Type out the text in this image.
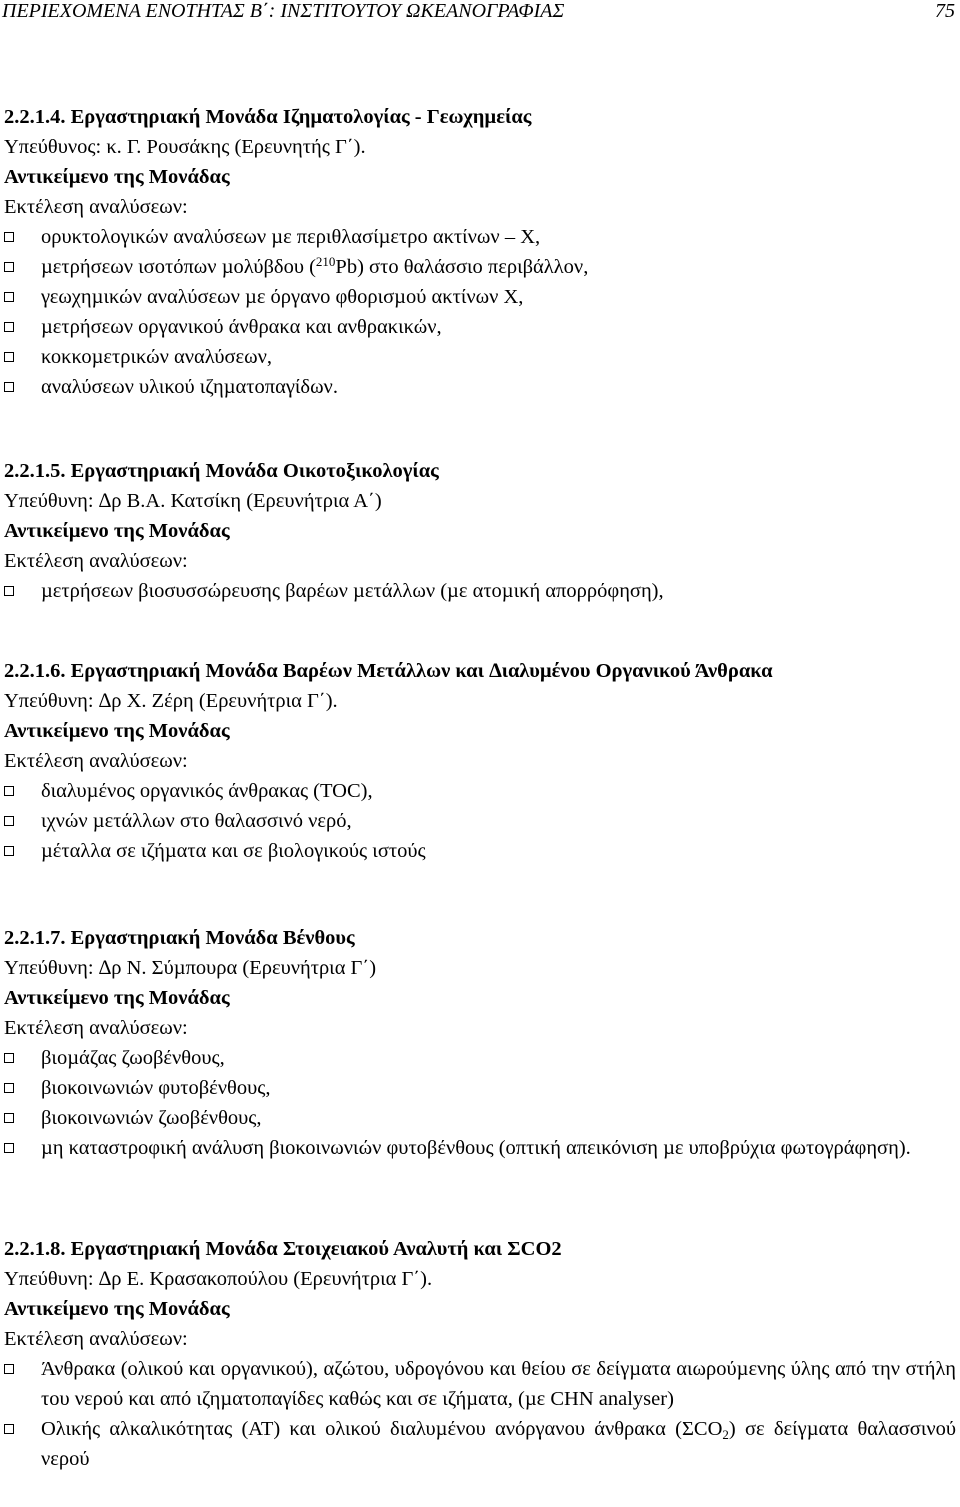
ΠΕΡΙΕΧΟΜΕΝΑ ΕΝΟΤΗΤΑΣ Β΄: ΙΝΣΤΙΤΟΥΤΟΥ ΩΚΕΑΝΟΓΡΑΦΙΑΣ	75
2.2.1.4. Εργαστηριακή Μονάδα Ιζηµατολογίας - Γεωχηµείας
Υπεύθυνος: κ. Γ. Ρουσάκης (Ερευνητής Γ΄).
Αντικείµενο της Μονάδας
Εκτέλεση αναλύσεων:
ορυκτολογικών αναλύσεων µε περιθλασίµετρο ακτίνων – Χ,
µετρήσεων ισοτόπων µολύβδου ($^{210}$Pb) στο θαλάσσιο περιβάλλον,
γεωχηµικών αναλύσεων µε όργανο φθορισµού ακτίνων Χ,
µετρήσεων οργανικού άνθρακα και ανθρακικών,
κοκκοµετρικών αναλύσεων,
αναλύσεων υλικού ιζηµατοπαγίδων.
2.2.1.5. Εργαστηριακή Μονάδα Οικοτοξικολογίας
Υπεύθυνη: ∆ρ Β.Α. Κατσίκη (Ερευνήτρια Α΄)
Αντικείµενο της Μονάδας
Εκτέλεση αναλύσεων:
µετρήσεων βιοσυσσώρευσης βαρέων µετάλλων (µε ατοµική απορρόφηση),
2.2.1.6. Εργαστηριακή Μονάδα Βαρέων Μετάλλων και ∆ιαλυµένου Οργανικού Άνθρακα
Υπεύθυνη: ∆ρ Χ. Ζέρη (Ερευνήτρια Γ΄).
Αντικείµενο της Μονάδας
Εκτέλεση αναλύσεων:
διαλυµένος οργανικός άνθρακας (TOC),
ιχνών µετάλλων στο θαλασσινό νερό,
µέταλλα σε ιζήµατα και σε βιολογικούς ιστούς
2.2.1.7. Εργαστηριακή Μονάδα Βένθους
Υπεύθυνη: ∆ρ Ν. Σύµπουρα (Ερευνήτρια Γ΄)
Αντικείµενο της Μονάδας
Εκτέλεση αναλύσεων:
βιοµάζας ζωοβένθους,
βιοκοινωνιών φυτοβένθους,
βιοκοινωνιών ζωοβένθους,
µη καταστροφική ανάλυση βιοκοινωνιών φυτοβένθους (οπτική απεικόνιση µε υποβρύχια φωτογράφηση).
2.2.1.8. Εργαστηριακή Μονάδα Στοιχειακού Αναλυτή και ΣCO2
Υπεύθυνη: ∆ρ Ε. Κρασακοπούλου (Ερευνήτρια Γ΄).
Αντικείµενο της Μονάδας
Εκτέλεση αναλύσεων:
Άνθρακα (ολικού και οργανικού), αζώτου, υδρογόνου και θείου σε δείγµατα αιωρούµενης ύλης από την στήλη του νερού και από ιζηµατοπαγίδες καθώς και σε ιζήµατα, (µε CHN analyser)
Ολικής αλκαλικότητας (ΑΤ) και ολικού διαλυµένου ανόργανου άνθρακα $(\Sigma CO_2)$ σε δείγµατα θαλασσινού νερού
